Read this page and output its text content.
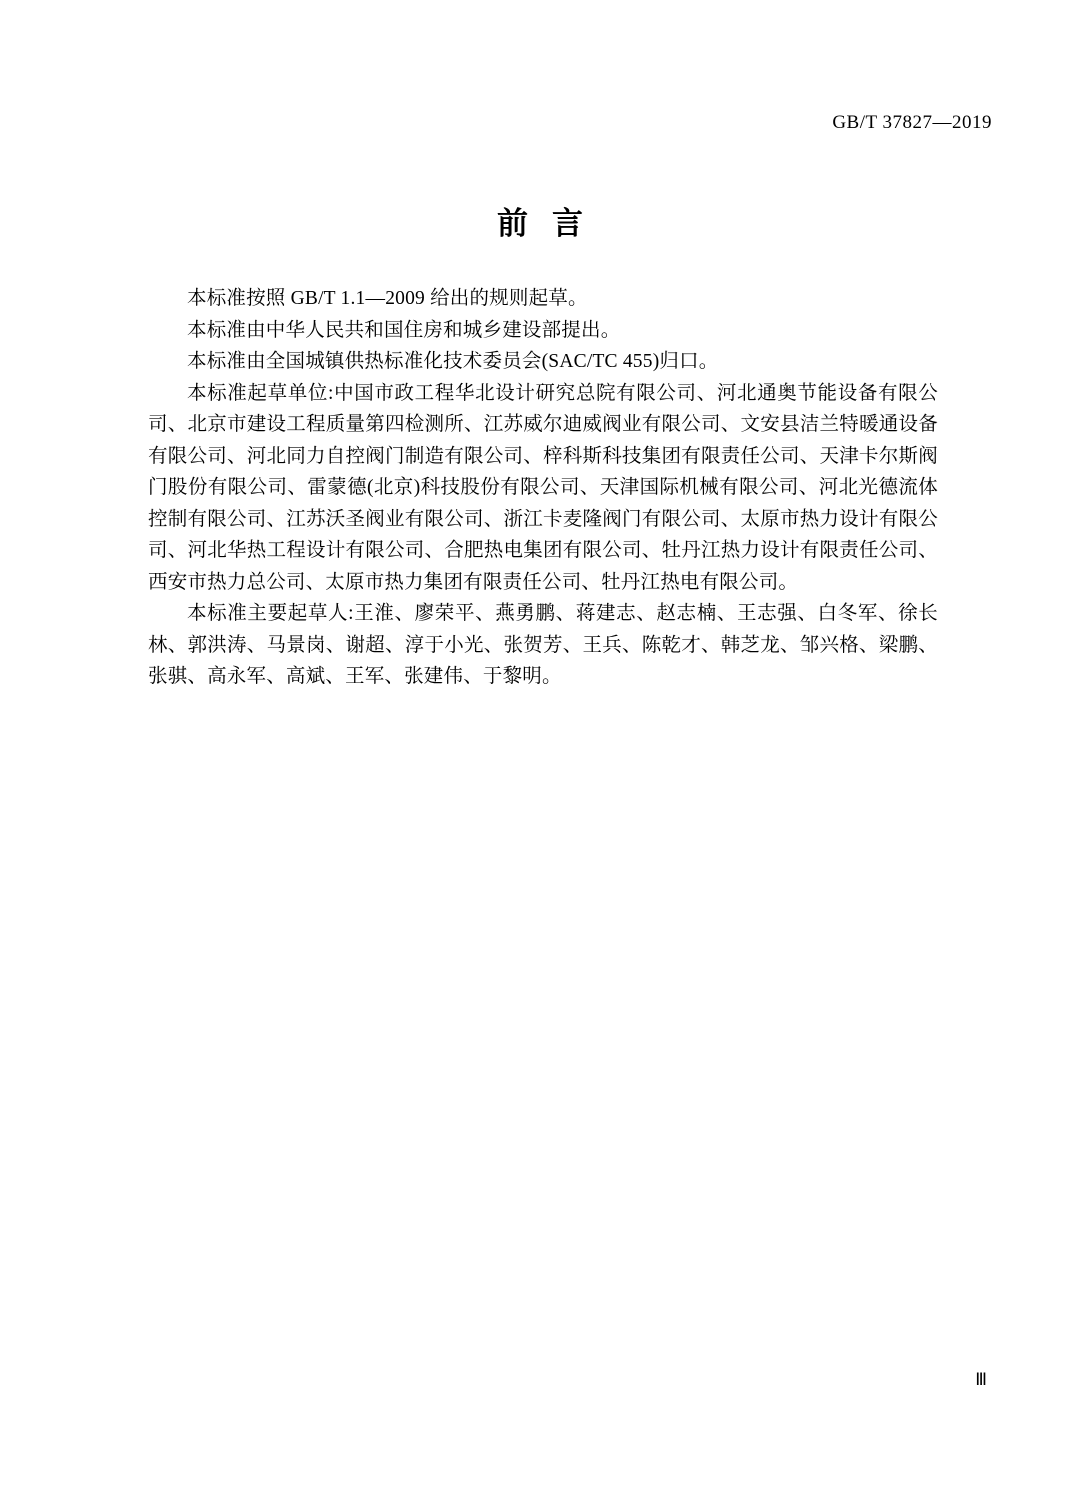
GB/T 37827—2019
前言

本标准按照 GB/T 1.1—2009 给出的规则起草。

本标准由中华人民共和国住房和城乡建设部提出。

本标准由全国城镇供热标准化技术委员会(SAC/TC 455)归口。

本标准起草单位:中国市政工程华北设计研究总院有限公司、河北通奥节能设备有限公司、北京市建设工程质量第四检测所、江苏威尔迪威阀业有限公司、文安县洁兰特暖通设备有限公司、河北同力自控阀门制造有限公司、梓科斯科技集团有限责任公司、天津卡尔斯阀门股份有限公司、雷蒙德(北京)科技股份有限公司、天津国际机械有限公司、河北光德流体控制有限公司、江苏沃圣阀业有限公司、浙江卡麦隆阀门有限公司、太原市热力设计有限公司、河北华热工程设计有限公司、合肥热电集团有限公司、牡丹江热力设计有限责任公司、西安市热力总公司、太原市热力集团有限责任公司、牡丹江热电有限公司。

本标准主要起草人:王淮、廖荣平、燕勇鹏、蒋建志、赵志楠、王志强、白冬军、徐长林、郭洪涛、马景岗、谢超、淳于小光、张贺芳、王兵、陈乾才、韩芝龙、邹兴格、梁鹏、张骐、高永军、高斌、王军、张建伟、于黎明。

Ⅲ
